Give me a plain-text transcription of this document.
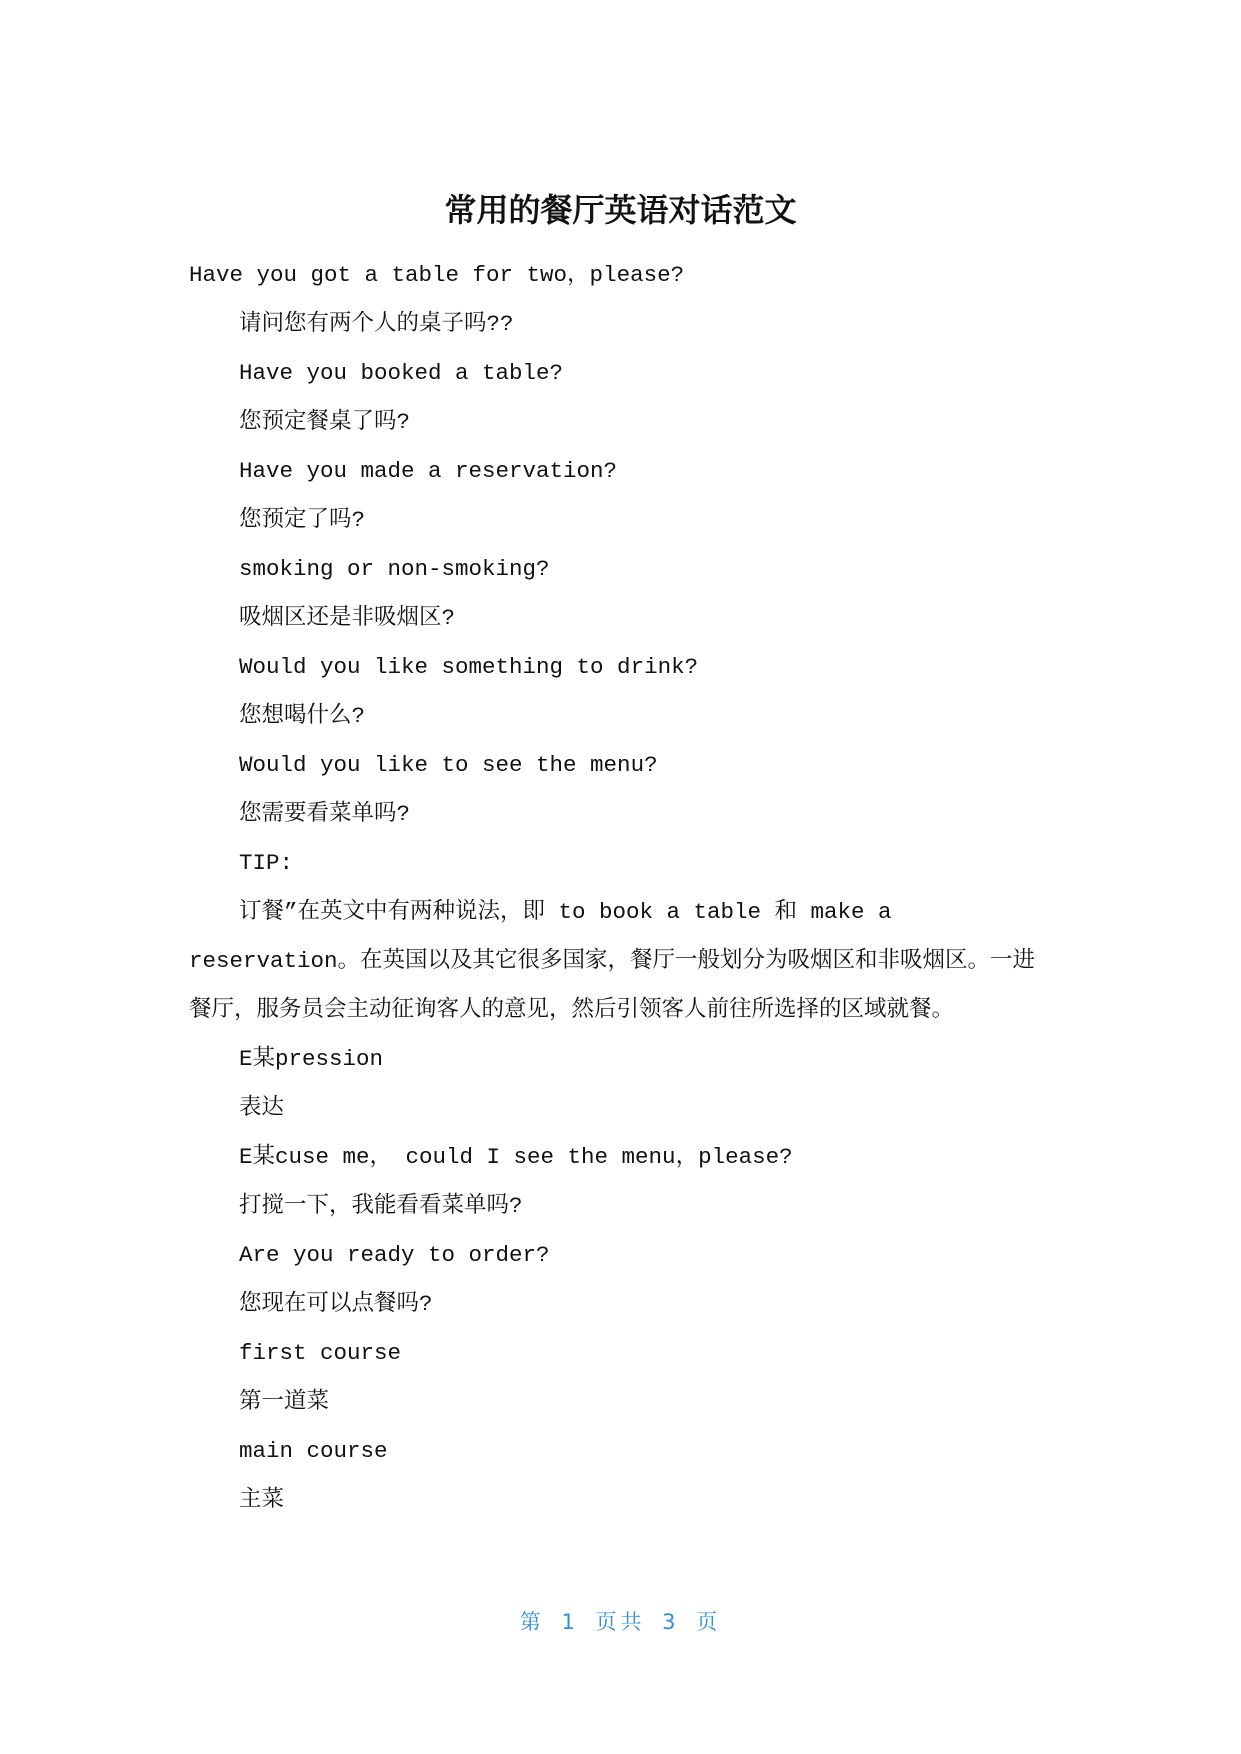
常用的餐厅英语对话范文
Have you got a table for two，please?
请问您有两个人的桌子吗??
Have you booked a table?
您预定餐桌了吗?
Have you made a reservation?
您预定了吗?
smoking or non-smoking?
吸烟区还是非吸烟区?
Would you like something to drink?
您想喝什么?
Would you like to see the menu?
您需要看菜单吗?
TIP:
订餐”在英文中有两种说法，即 to book a table 和 make a reservation。在英国以及其它很多国家，餐厅一般划分为吸烟区和非吸烟区。一进餐厅，服务员会主动征询客人的意见，然后引领客人前往所选择的区域就餐。
E某pression
表达
E某cuse me， could I see the menu，please?
打搅一下，我能看看菜单吗?
Are you ready to order?
您现在可以点餐吗?
first course
第一道菜
main course
主菜
第 1 页共 3 页
